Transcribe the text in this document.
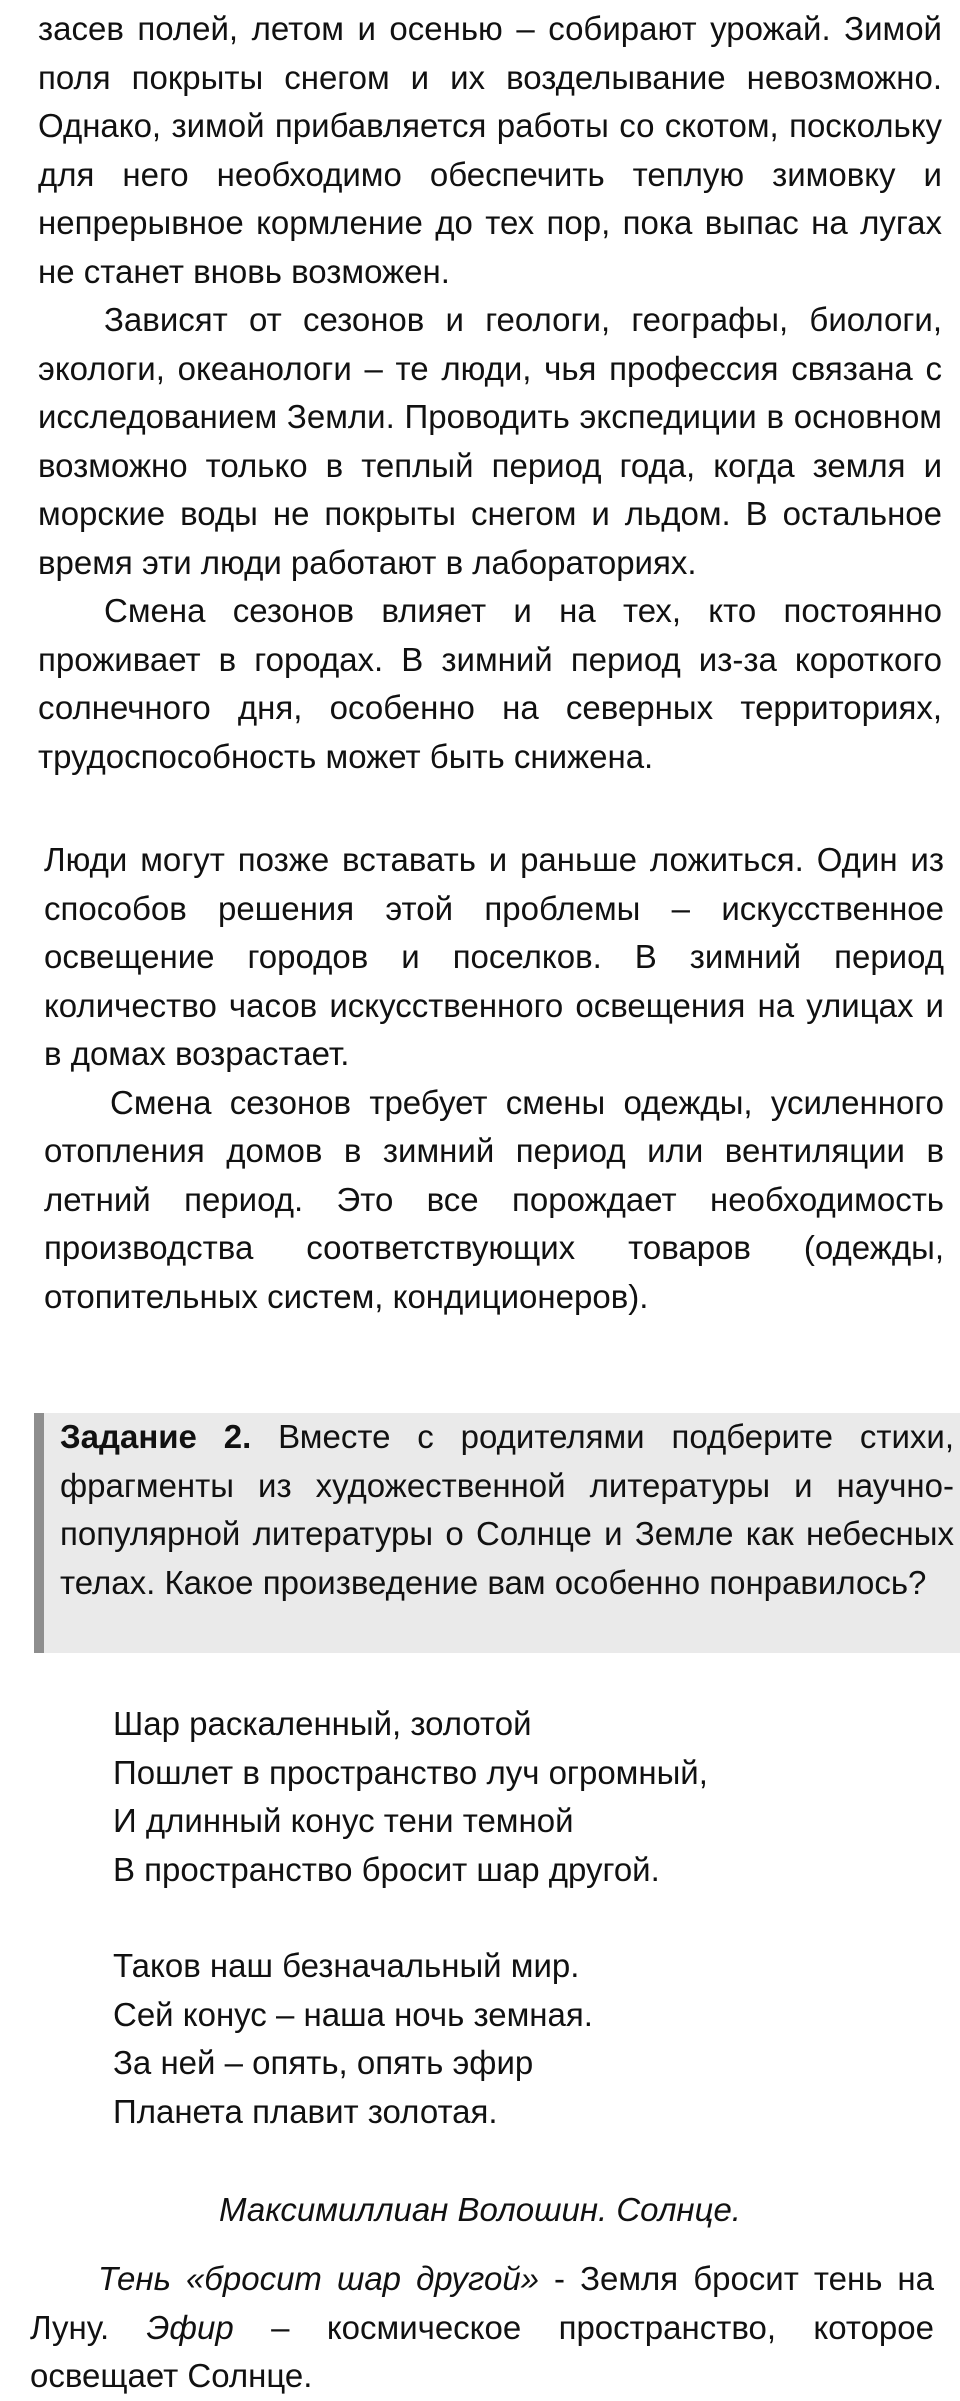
засев полей, летом и осенью – собирают урожай. Зимой поля покрыты снегом и их возделывание невозможно. Однако, зимой прибавляется работы со скотом, поскольку для него необходимо обеспечить теплую зимовку и непрерывное кормление до тех пор, пока выпас на лугах не станет вновь возможен.

Зависят от сезонов и геологи, географы, биологи, экологи, океанологи – те люди, чья профессия связана с исследованием Земли. Проводить экспедиции в основном возможно только в теплый период года, когда земля и морские воды не покрыты снегом и льдом. В остальное время эти люди работают в лабораториях.

Смена сезонов влияет и на тех, кто постоянно проживает в городах. В зимний период из-за короткого солнечного дня, особенно на северных территориях, трудоспособность может быть снижена.

Люди могут позже вставать и раньше ложиться. Один из способов решения этой проблемы – искусственное освещение городов и поселков. В зимний период количество часов искусственного освещения на улицах и в домах возрастает.

Смена сезонов требует смены одежды, усиленного отопления домов в зимний период или вентиляции в летний период. Это все порождает необходимость производства соответствующих товаров (одежды, отопительных систем, кондиционеров).

Задание 2. Вместе с родителями подберите стихи, фрагменты из художественной литературы и научно-популярной литературы о Солнце и Земле как небесных телах. Какое произведение вам особенно понравилось?

Шар раскаленный, золотой
Пошлет в пространство луч огромный,
И длинный конус тени темной
В пространство бросит шар другой.
Таков наш безначальный мир.
Сей конус – наша ночь земная.
За ней – опять, опять эфир
Планета плавит золотая.

Максимиллиан Волошин. Солнце.

Тень «бросит шар другой» - Земля бросит тень на Луну. Эфир – космическое пространство, которое освещает Солнце.
